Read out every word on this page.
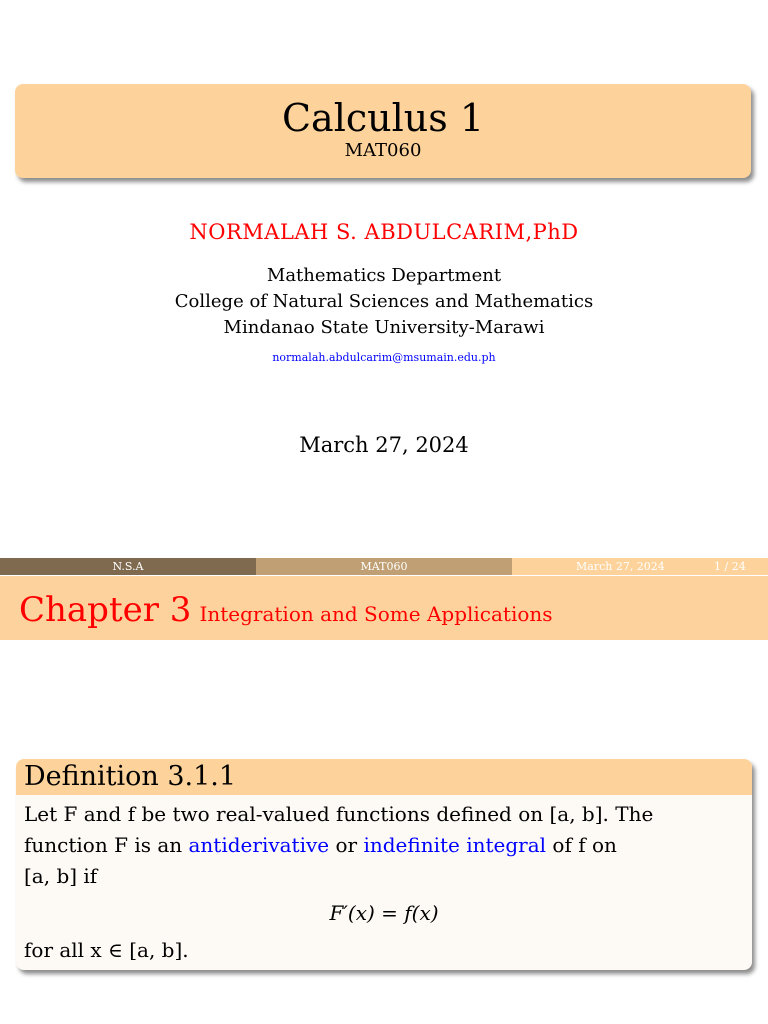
Calculus 1
MAT060
NORMALAH S. ABDULCARIM,PhD
Mathematics Department
College of Natural Sciences and Mathematics
Mindanao State University-Marawi
normalah.abdulcarim@msumain.edu.ph
March 27, 2024
N.S.A	MAT060	March 27, 2024	1 / 24
Chapter 3 Integration and Some Applications
Definition 3.1.1
Let F and f be two real-valued functions defined on [a, b]. The
function F is an antiderivative or indefinite integral of f on
[a, b] if
F′(x) = f(x)
for all x ∈ [a, b].
